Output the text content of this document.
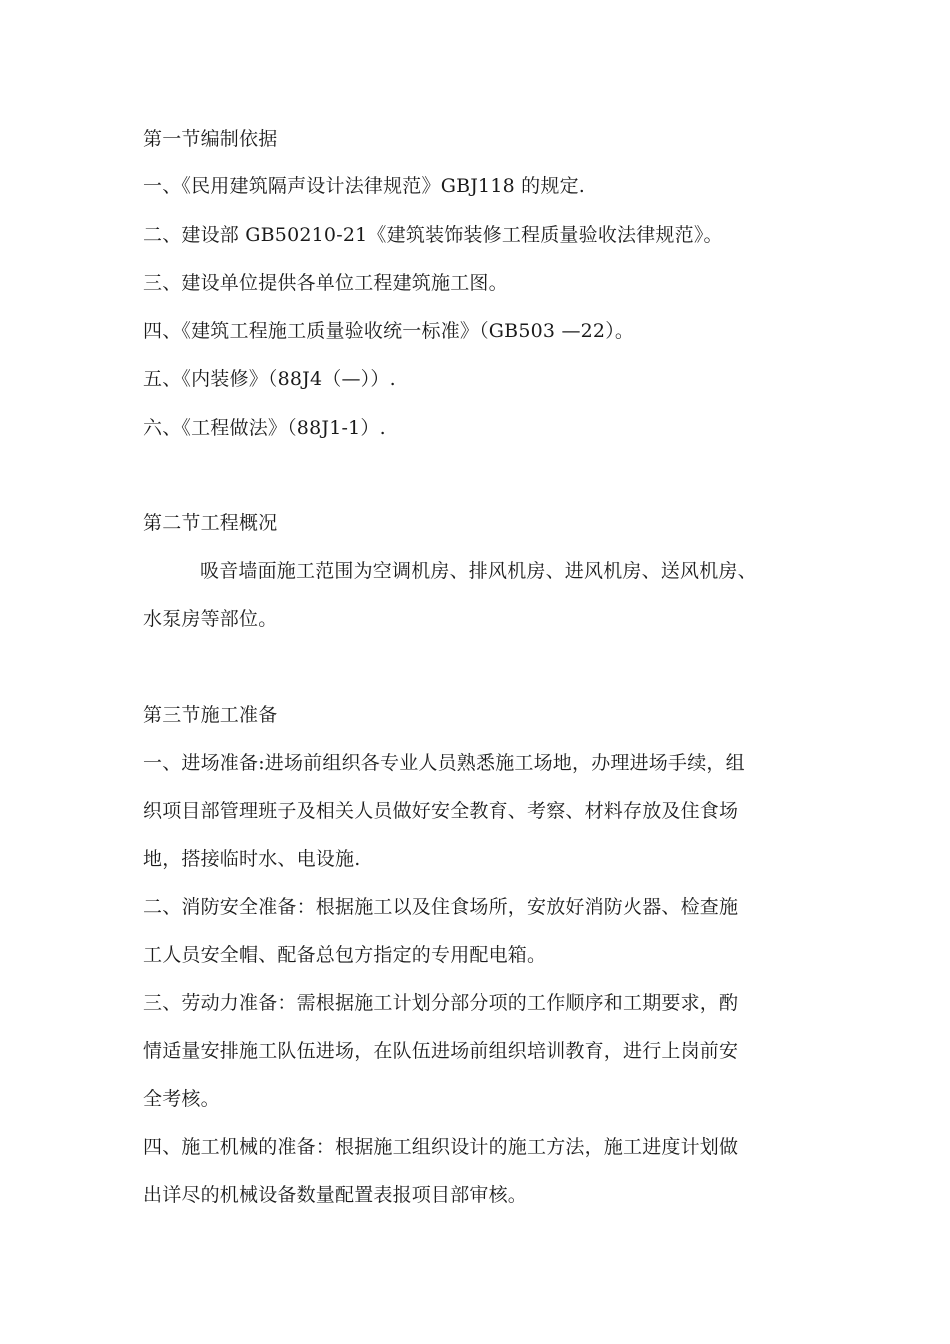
第一节编制依据
一、《民用建筑隔声设计法律规范》GBJ118 的规定.
二、建设部 GB50210-21《建筑装饰装修工程质量验收法律规范》。
三、建设单位提供各单位工程建筑施工图。
四、《建筑工程施工质量验收统一标准》（GB503 —22）。
五、《内装修》（88J4（—））.
六、《工程做法》（88J1-1）.
第二节工程概况
吸音墙面施工范围为空调机房、排风机房、进风机房、送风机房、
水泵房等部位。
第三节施工准备
一、进场准备:进场前组织各专业人员熟悉施工场地，办理进场手续，组
织项目部管理班子及相关人员做好安全教育、考察、材料存放及住食场
地，搭接临时水、电设施.
二、消防安全准备：根据施工以及住食场所，安放好消防火器、检查施
工人员安全帽、配备总包方指定的专用配电箱。
三、劳动力准备：需根据施工计划分部分项的工作顺序和工期要求，酌
情适量安排施工队伍进场，在队伍进场前组织培训教育，进行上岗前安
全考核。
四、施工机械的准备：根据施工组织设计的施工方法，施工进度计划做
出详尽的机械设备数量配置表报项目部审核。
